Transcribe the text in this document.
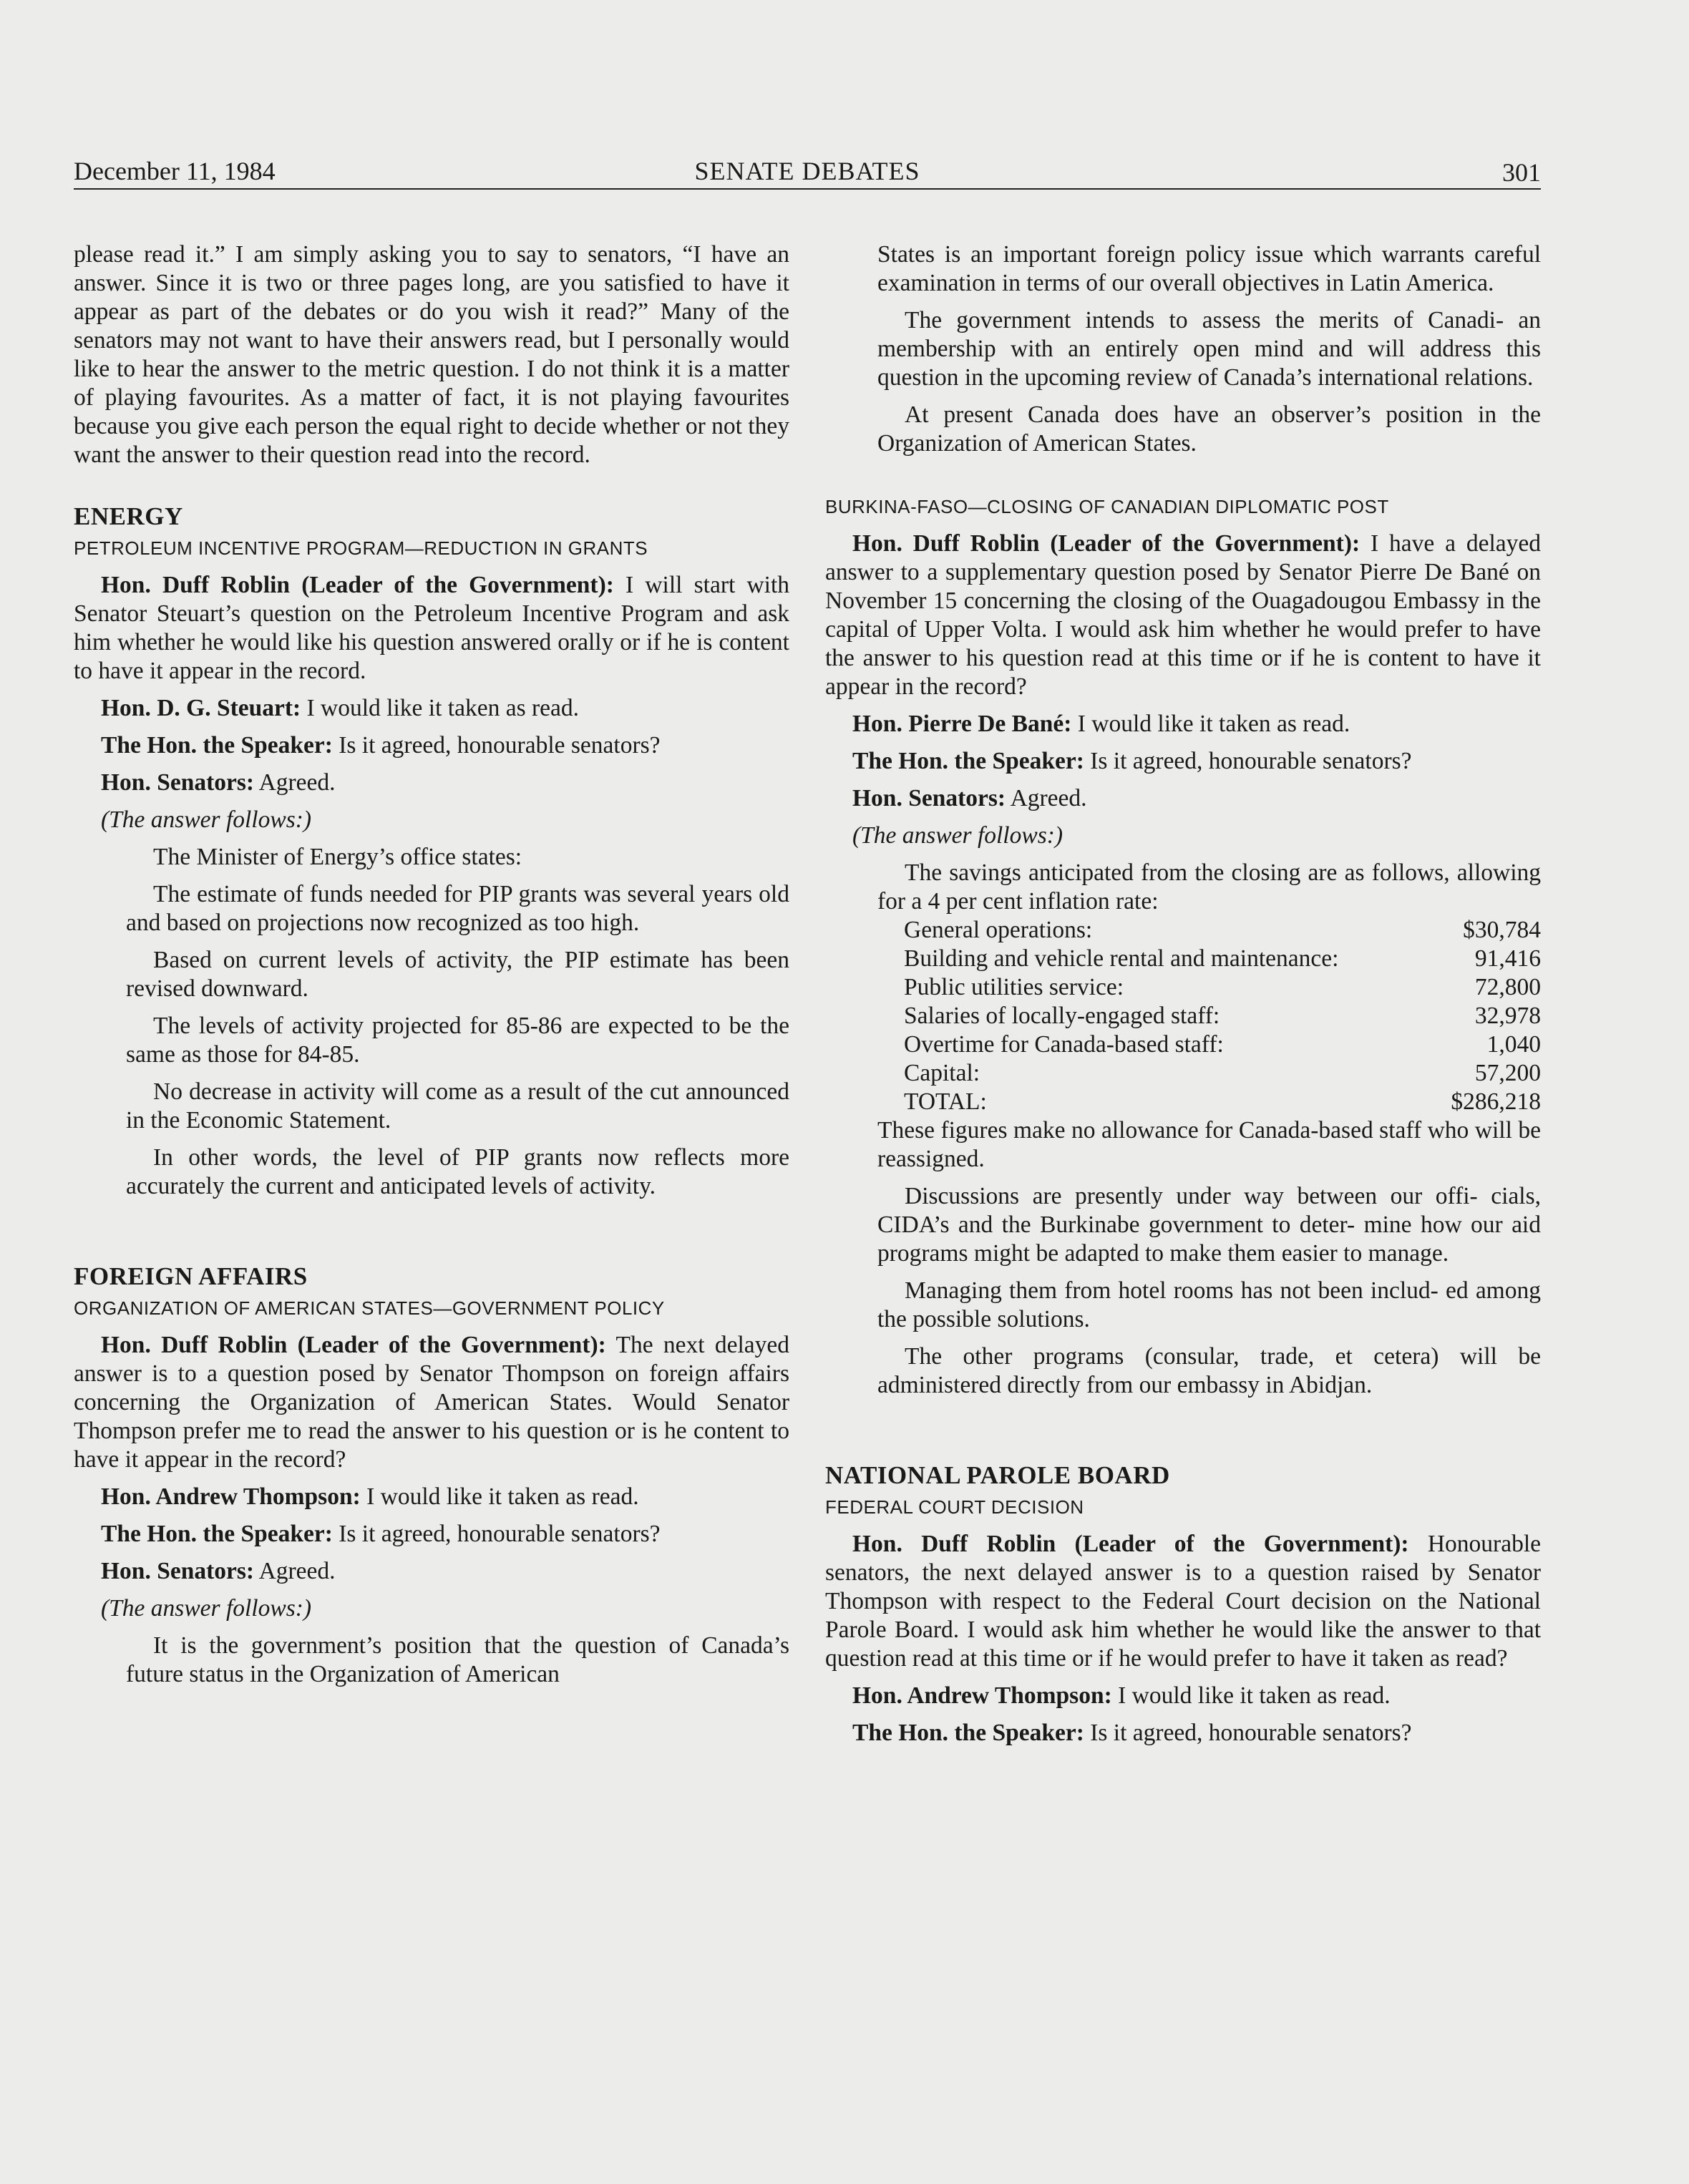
December 11, 1984	SENATE DEBATES	301

please read it.” I am simply asking you to say to senators, “I have an answer. Since it is two or three pages long, are you satisfied to have it appear as part of the debates or do you wish it read?” Many of the senators may not want to have their answers read, but I personally would like to hear the answer to the metric question. I do not think it is a matter of playing favourites. As a matter of fact, it is not playing favourites because you give each person the equal right to decide whether or not they want the answer to their question read into the record.

ENERGY

PETROLEUM INCENTIVE PROGRAM—REDUCTION IN GRANTS

Hon. Duff Roblin (Leader of the Government): I will start with Senator Steuart’s question on the Petroleum Incentive Program and ask him whether he would like his question answered orally or if he is content to have it appear in the record.

Hon. D. G. Steuart: I would like it taken as read.

The Hon. the Speaker: Is it agreed, honourable senators?

Hon. Senators: Agreed.

(The answer follows:)

The Minister of Energy’s office states:

The estimate of funds needed for PIP grants was several years old and based on projections now recognized as too high.

Based on current levels of activity, the PIP estimate has been revised downward.

The levels of activity projected for 85-86 are expected to be the same as those for 84-85.

No decrease in activity will come as a result of the cut announced in the Economic Statement.

In other words, the level of PIP grants now reflects more accurately the current and anticipated levels of activity.

FOREIGN AFFAIRS

ORGANIZATION OF AMERICAN STATES—GOVERNMENT POLICY

Hon. Duff Roblin (Leader of the Government): The next delayed answer is to a question posed by Senator Thompson on foreign affairs concerning the Organization of American States. Would Senator Thompson prefer me to read the answer to his question or is he content to have it appear in the record?

Hon. Andrew Thompson: I would like it taken as read.

The Hon. the Speaker: Is it agreed, honourable senators?

Hon. Senators: Agreed.

(The answer follows:)

It is the government’s position that the question of Canada’s future status in the Organization of American

States is an important foreign policy issue which warrants careful examination in terms of our overall objectives in Latin America.

The government intends to assess the merits of Canadi- an membership with an entirely open mind and will address this question in the upcoming review of Canada’s international relations.

At present Canada does have an observer’s position in the Organization of American States.

BURKINA-FASO—CLOSING OF CANADIAN DIPLOMATIC POST

Hon. Duff Roblin (Leader of the Government): I have a delayed answer to a supplementary question posed by Senator Pierre De Bané on November 15 concerning the closing of the Ouagadougou Embassy in the capital of Upper Volta. I would ask him whether he would prefer to have the answer to his question read at this time or if he is content to have it appear in the record?

Hon. Pierre De Bané: I would like it taken as read.

The Hon. the Speaker: Is it agreed, honourable senators?

Hon. Senators: Agreed.

(The answer follows:)

The savings anticipated from the closing are as follows, allowing for a 4 per cent inflation rate:

General operations:	$30,784
Building and vehicle rental and maintenance:	91,416
Public utilities service:	72,800
Salaries of locally-engaged staff:	32,978
Overtime for Canada-based staff:	1,040
Capital:	57,200
TOTAL:	$286,218

These figures make no allowance for Canada-based staff who will be reassigned.

Discussions are presently under way between our offi- cials, CIDA’s and the Burkinabe government to deter- mine how our aid programs might be adapted to make them easier to manage.

Managing them from hotel rooms has not been includ- ed among the possible solutions.

The other programs (consular, trade, et cetera) will be administered directly from our embassy in Abidjan.

NATIONAL PAROLE BOARD

FEDERAL COURT DECISION

Hon. Duff Roblin (Leader of the Government): Honourable senators, the next delayed answer is to a question raised by Senator Thompson with respect to the Federal Court decision on the National Parole Board. I would ask him whether he would like the answer to that question read at this time or if he would prefer to have it taken as read?

Hon. Andrew Thompson: I would like it taken as read.

The Hon. the Speaker: Is it agreed, honourable senators?
